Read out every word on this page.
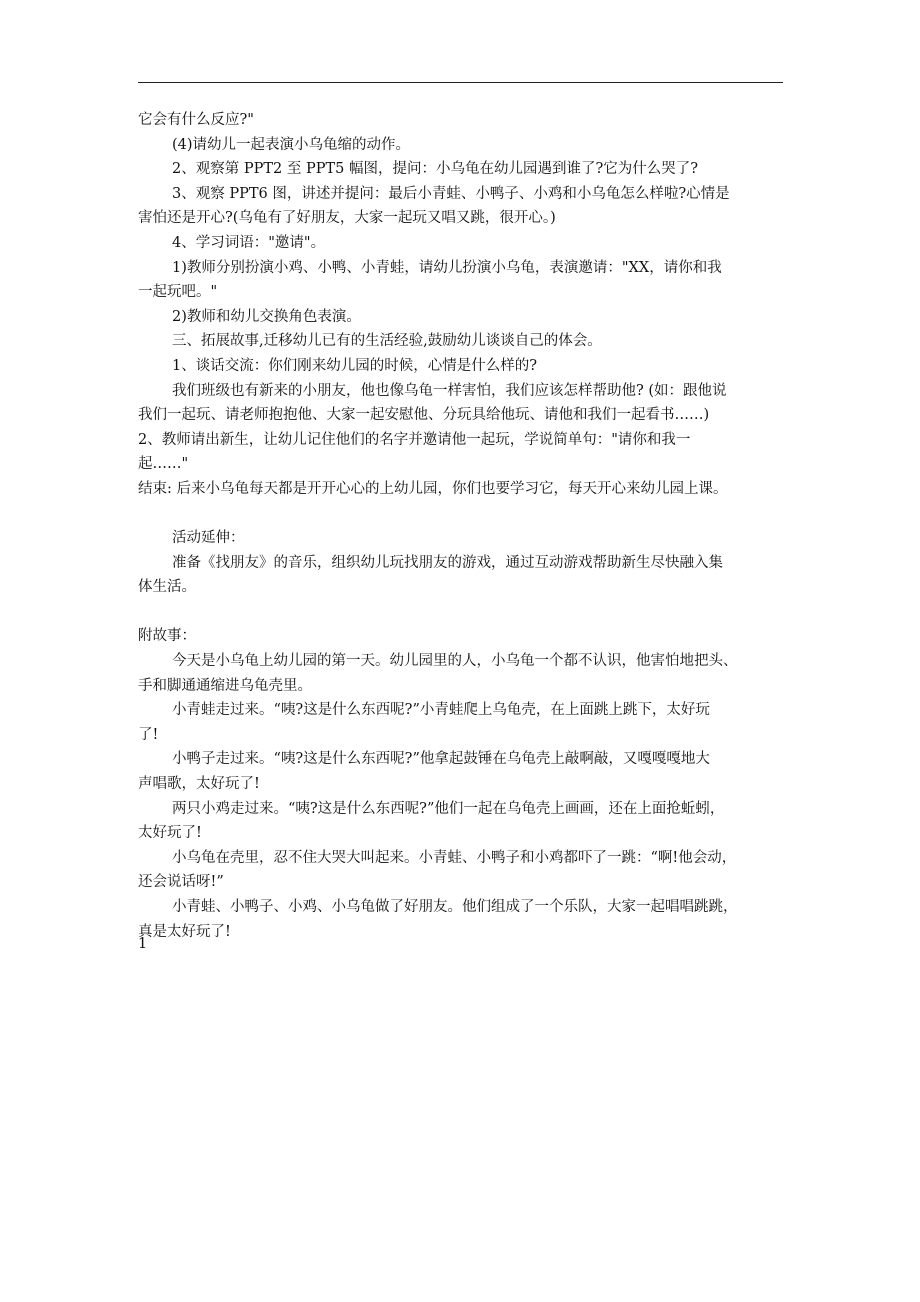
它会有什么反应?"

(4)请幼儿一起表演小乌龟缩的动作。

2、观察第 PPT2 至 PPT5 幅图，提问：小乌龟在幼儿园遇到谁了?它为什么哭了?

3、观察 PPT6 图，讲述并提问：最后小青蛙、小鸭子、小鸡和小乌龟怎么样啦?心情是

害怕还是开心?(乌龟有了好朋友，大家一起玩又唱又跳，很开心。)

4、学习词语："邀请"。

1)教师分别扮演小鸡、小鸭、小青蛙，请幼儿扮演小乌龟，表演邀请："XX，请你和我

一起玩吧。"

2)教师和幼儿交换角色表演。

三、拓展故事,迁移幼儿已有的生活经验,鼓励幼儿谈谈自己的体会。

1、谈话交流：你们刚来幼儿园的时候，心情是什么样的?

我们班级也有新来的小朋友，他也像乌龟一样害怕，我们应该怎样帮助他? (如：跟他说

我们一起玩、请老师抱抱他、大家一起安慰他、分玩具给他玩、请他和我们一起看书……)

2、教师请出新生，让幼儿记住他们的名字并邀请他一起玩，学说简单句："请你和我一

起……"

结束: 后来小乌龟每天都是开开心心的上幼儿园，你们也要学习它，每天开心来幼儿园上课。

活动延伸：

准备《找朋友》的音乐，组织幼儿玩找朋友的游戏，通过互动游戏帮助新生尽快融入集

体生活。

附故事：

今天是小乌龟上幼儿园的第一天。幼儿园里的人，小乌龟一个都不认识，他害怕地把头、

手和脚通通缩进乌龟壳里。

小青蛙走过来。“咦?这是什么东西呢?”小青蛙爬上乌龟壳，在上面跳上跳下，太好玩

了!

小鸭子走过来。“咦?这是什么东西呢?”他拿起鼓锤在乌龟壳上敲啊敲，又嘎嘎嘎地大

声唱歌，太好玩了!

两只小鸡走过来。“咦?这是什么东西呢?”他们一起在乌龟壳上画画，还在上面抢蚯蚓，

太好玩了!

小乌龟在壳里，忍不住大哭大叫起来。小青蛙、小鸭子和小鸡都吓了一跳：“啊!他会动，

还会说话呀!”

小青蛙、小鸭子、小鸡、小乌龟做了好朋友。他们组成了一个乐队，大家一起唱唱跳跳，

真是太好玩了!

1
